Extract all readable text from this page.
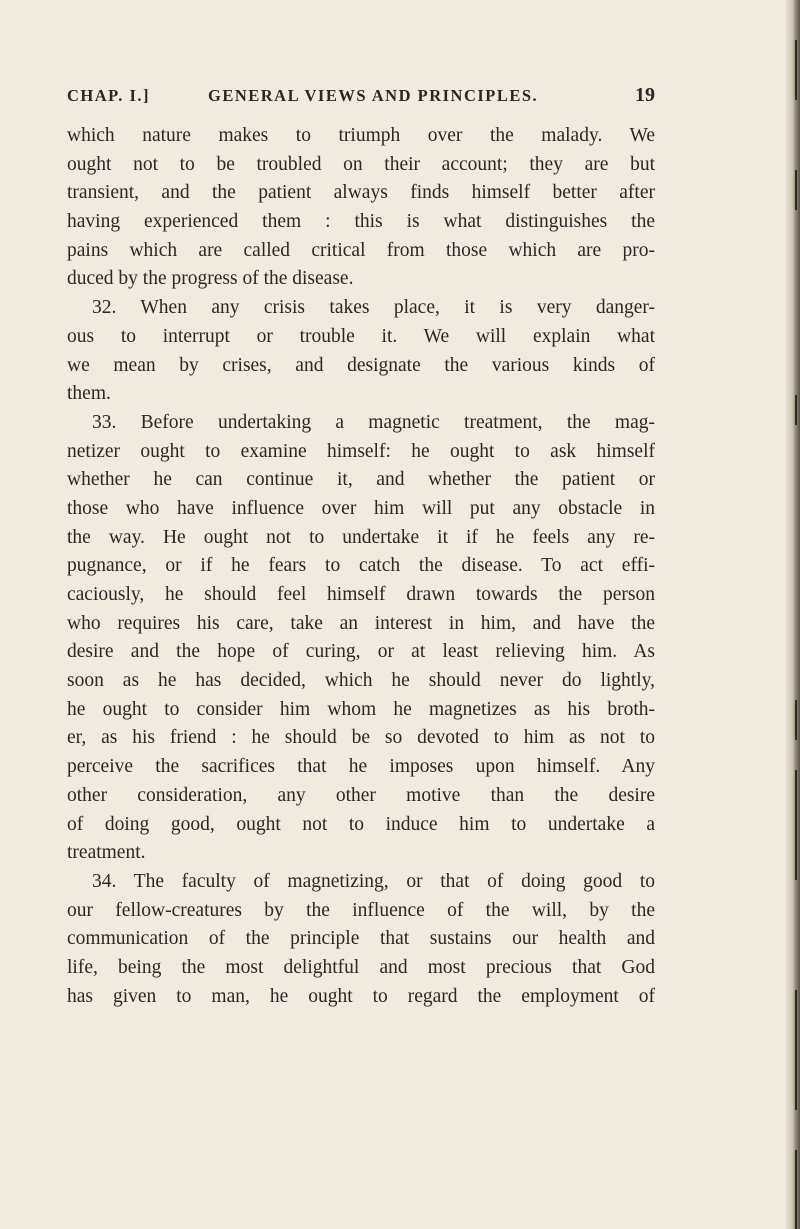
CHAP. I.]	GENERAL VIEWS AND PRINCIPLES.	19
which nature makes to triumph over the malady. We
ought not to be troubled on their account; they are but
transient, and the patient always finds himself better after
having experienced them : this is what distinguishes the
pains which are called critical from those which are pro-
duced by the progress of the disease.
32. When any crisis takes place, it is very danger-
ous to interrupt or trouble it. We will explain what
we mean by crises, and designate the various kinds of
them.
33. Before undertaking a magnetic treatment, the mag-
netizer ought to examine himself: he ought to ask himself
whether he can continue it, and whether the patient or
those who have influence over him will put any obstacle in
the way. He ought not to undertake it if he feels any re-
pugnance, or if he fears to catch the disease. To act effi-
caciously, he should feel himself drawn towards the person
who requires his care, take an interest in him, and have the
desire and the hope of curing, or at least relieving him. As
soon as he has decided, which he should never do lightly,
he ought to consider him whom he magnetizes as his broth-
er, as his friend : he should be so devoted to him as not to
perceive the sacrifices that he imposes upon himself. Any
other consideration, any other motive than the desire
of doing good, ought not to induce him to undertake a
treatment.
34. The faculty of magnetizing, or that of doing good to
our fellow-creatures by the influence of the will, by the
communication of the principle that sustains our health and
life, being the most delightful and most precious that God
has given to man, he ought to regard the employment of
